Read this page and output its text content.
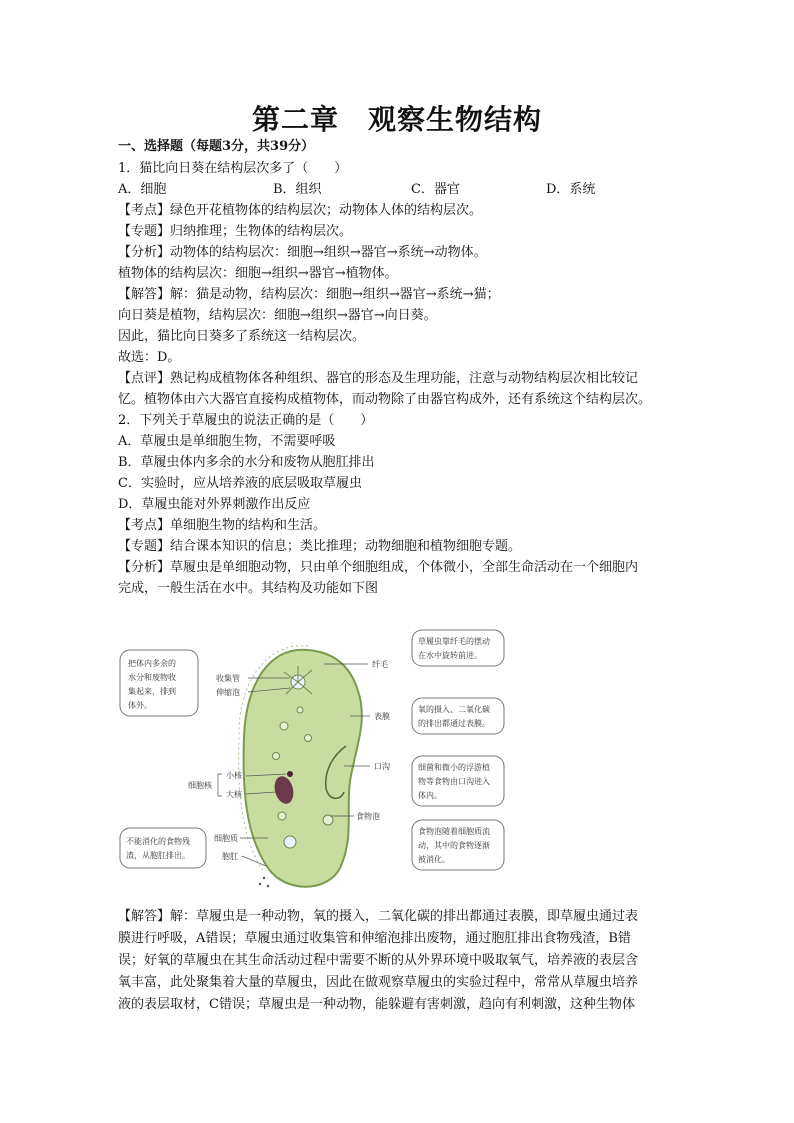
第二章　观察生物结构
一、选择题（每题3分，共39分）
1．猫比向日葵在结构层次多了（　　）
A．细胞	B．组织	C．器官	D．系统
【考点】绿色开花植物体的结构层次；动物体人体的结构层次。
【专题】归纳推理；生物体的结构层次。
【分析】动物体的结构层次：细胞→组织→器官→系统→动物体。
植物体的结构层次：细胞→组织→器官→植物体。
【解答】解：猫是动物，结构层次：细胞→组织→器官→系统→猫；
向日葵是植物，结构层次：细胞→组织→器官→向日葵。
因此，猫比向日葵多了系统这一结构层次。
故选：D。
【点评】熟记构成植物体各种组织、器官的形态及生理功能，注意与动物结构层次相比较记
忆。植物体由六大器官直接构成植物体，而动物除了由器官构成外，还有系统这个结构层次。
2．下列关于草履虫的说法正确的是（　　）
A．草履虫是单细胞生物，不需要呼吸
B．草履虫体内多余的水分和废物从胞肛排出
C．实验时，应从培养液的底层吸取草履虫
D．草履虫能对外界刺激作出反应
【考点】单细胞生物的结构和生活。
【专题】结合课本知识的信息；类比推理；动物细胞和植物细胞专题。
【分析】草履虫是单细胞动物，只由单个细胞组成，个体微小，全部生命活动在一个细胞内
完成，一般生活在水中。其结构及功能如下图
收集管
伸缩泡
纤毛
表膜
口沟
小核
大核
细胞核
食物泡
细胞质
胞肛
把体内多余的
水分和废物收
集起来，排到
体外。
不能消化的食物残
渣，从胞肛排出。
草履虫靠纤毛的摆动
在水中旋转前进。
氧的摄入、二氧化碳
的排出都通过表膜。
细菌和微小的浮游植
物等食物由口沟进入
体内。
食物泡随着细胞质流
动，其中的食物逐渐
被消化。
【解答】解：草履虫是一种动物，氧的摄入，二氧化碳的排出都通过表膜，即草履虫通过表
膜进行呼吸，A错误；草履虫通过收集管和伸缩泡排出废物，通过胞肛排出食物残渣，B错
误；好氧的草履虫在其生命活动过程中需要不断的从外界环境中吸取氧气，培养液的表层含
氧丰富，此处聚集着大量的草履虫，因此在做观察草履虫的实验过程中，常常从草履虫培养
液的表层取材，C错误；草履虫是一种动物，能躲避有害刺激，趋向有利刺激，这种生物体
